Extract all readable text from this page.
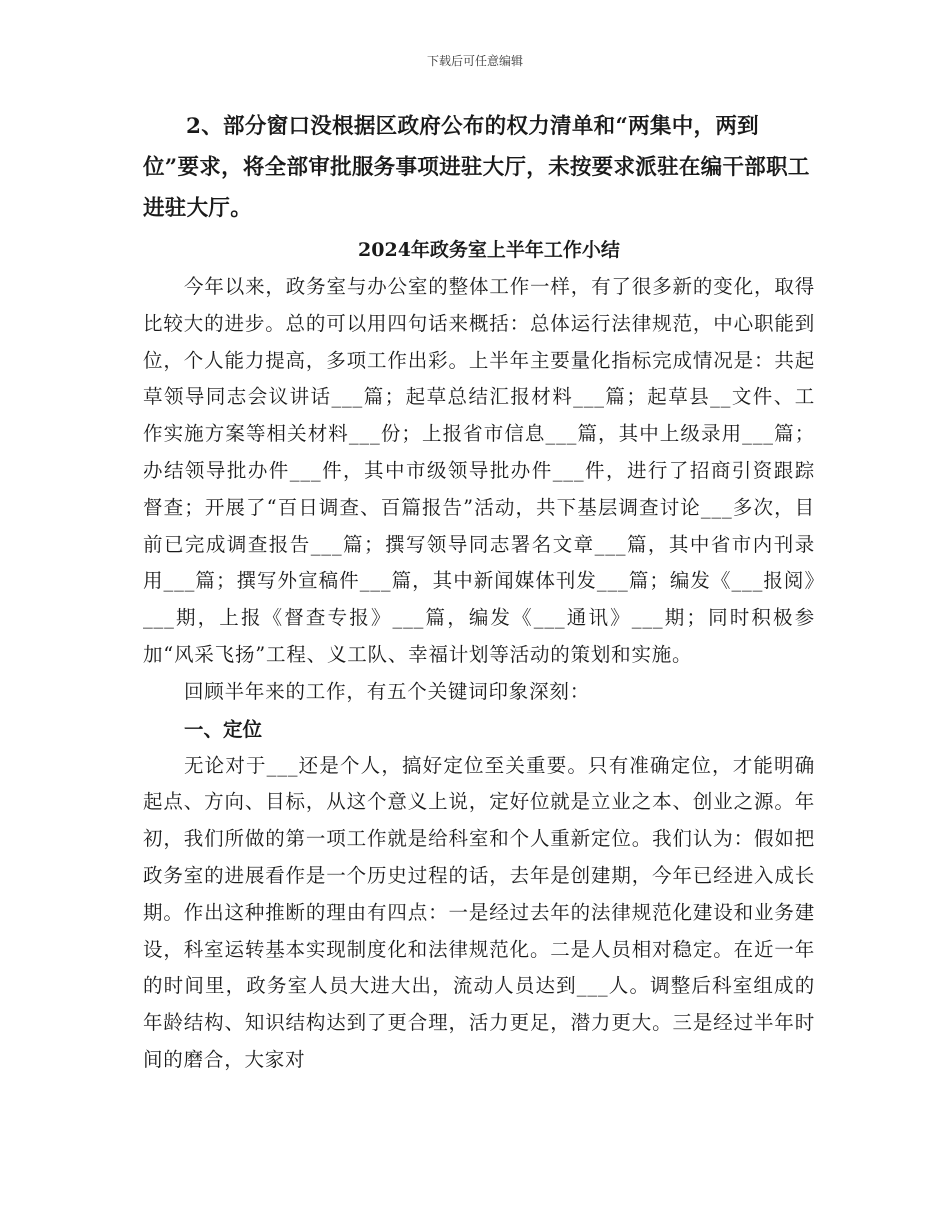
下载后可任意编辑

2、部分窗口没根据区政府公布的权力清单和“两集中，两到位”要求，将全部审批服务事项进驻大厅，未按要求派驻在编干部职工进驻大厅。

2024年政务室上半年工作小结

今年以来，政务室与办公室的整体工作一样，有了很多新的变化，取得比较大的进步。总的可以用四句话来概括：总体运行法律规范，中心职能到位，个人能力提高，多项工作出彩。上半年主要量化指标完成情况是：共起草领导同志会议讲话___篇；起草总结汇报材料___篇；起草县__文件、工作实施方案等相关材料___份；上报省市信息___篇，其中上级录用___篇；办结领导批办件___件，其中市级领导批办件___件，进行了招商引资跟踪督查；开展了“百日调查、百篇报告”活动，共下基层调查讨论___多次，目前已完成调查报告___篇；撰写领导同志署名文章___篇，其中省市内刊录用___篇；撰写外宣稿件___篇，其中新闻媒体刊发___篇；编发《___报阅》___期，上报《督查专报》___篇，编发《___通讯》___期；同时积极参加“风采飞扬”工程、义工队、幸福计划等活动的策划和实施。

回顾半年来的工作，有五个关键词印象深刻：

一、定位

无论对于___还是个人，搞好定位至关重要。只有准确定位，才能明确起点、方向、目标，从这个意义上说，定好位就是立业之本、创业之源。年初，我们所做的第一项工作就是给科室和个人重新定位。我们认为：假如把政务室的进展看作是一个历史过程的话，去年是创建期，今年已经进入成长期。作出这种推断的理由有四点：一是经过去年的法律规范化建设和业务建设，科室运转基本实现制度化和法律规范化。二是人员相对稳定。在近一年的时间里，政务室人员大进大出，流动人员达到___人。调整后科室组成的年龄结构、知识结构达到了更合理，活力更足，潜力更大。三是经过半年时间的磨合，大家对
